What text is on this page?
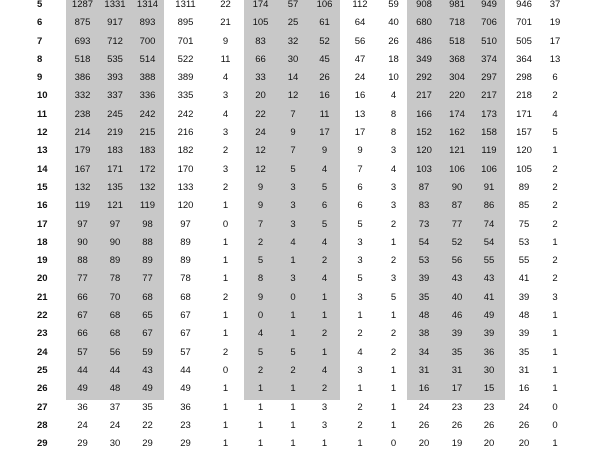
5	1287	1331	1314	1311	22	174	57	106	112	59	908	981	949	946	37
6	875	917	893	895	21	105	25	61	64	40	680	718	706	701	19
7	693	712	700	701	9	83	32	52	56	26	486	518	510	505	17
8	518	535	514	522	11	66	30	45	47	18	349	368	374	364	13
9	386	393	388	389	4	33	14	26	24	10	292	304	297	298	6
10	332	337	336	335	3	20	12	16	16	4	217	220	217	218	2
11	238	245	242	242	4	22	7	11	13	8	166	174	173	171	4
12	214	219	215	216	3	24	9	17	17	8	152	162	158	157	5
13	179	183	183	182	2	12	7	9	9	3	120	121	119	120	1
14	167	171	172	170	3	12	5	4	7	4	103	106	106	105	2
15	132	135	132	133	2	9	3	5	6	3	87	90	91	89	2
16	119	121	119	120	1	9	3	6	6	3	83	87	86	85	2
17	97	97	98	97	0	7	3	5	5	2	73	77	74	75	2
18	90	90	88	89	1	2	4	4	3	1	54	52	54	53	1
19	88	89	89	89	1	5	1	2	3	2	53	56	55	55	2
20	77	78	77	78	1	8	3	4	5	3	39	43	43	41	2
21	66	70	68	68	2	9	0	1	3	5	35	40	41	39	3
22	67	68	65	67	1	0	1	1	1	1	48	46	49	48	1
23	66	68	67	67	1	4	1	2	2	2	38	39	39	39	1
24	57	56	59	57	2	5	5	1	4	2	34	35	36	35	1
25	44	44	43	44	0	2	2	4	3	1	31	31	30	31	1
26	49	48	49	49	1	1	1	2	1	1	16	17	15	16	1
27	36	37	35	36	1	1	1	3	2	1	24	23	23	24	0
28	24	24	22	23	1	1	1	3	2	1	26	26	26	26	0
29	29	30	29	29	1	1	1	1	1	0	20	19	20	20	1
